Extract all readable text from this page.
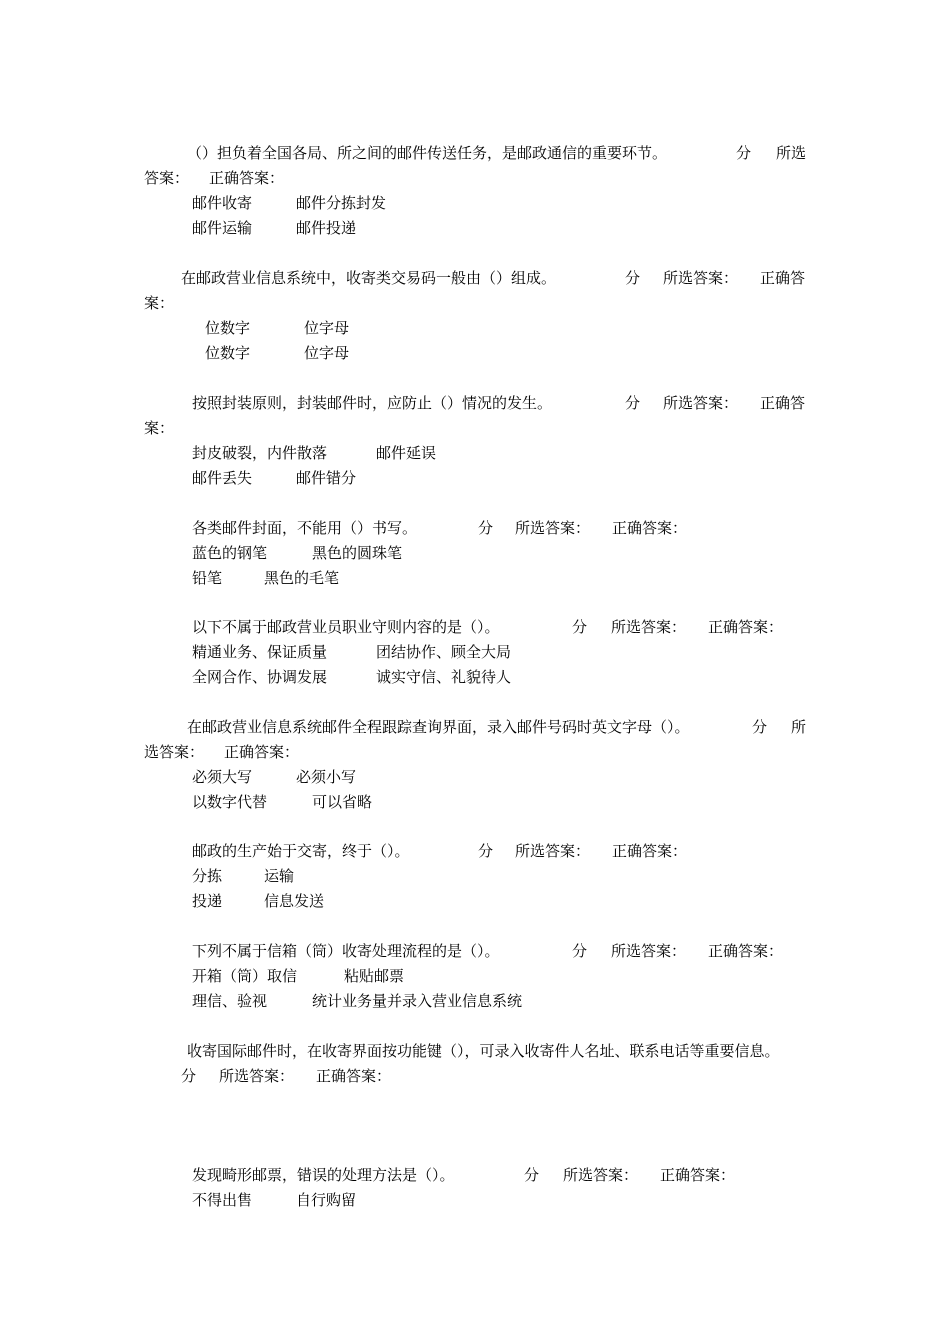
（）担负着全国各局、所之间的邮件传送任务，是邮政通信的重要环节。	分 所选
答案： 正确答案：
邮件收寄	邮件分拣封发
邮件运输	邮件投递
在邮政营业信息系统中，收寄类交易码一般由（）组成。	分 所选答案： 正确答
案：
位数字	位字母
位数字	位字母
按照封装原则，封装邮件时，应防止（）情况的发生。	分 所选答案： 正确答
案：
封皮破裂，内件散落	邮件延误
邮件丢失	邮件错分
各类邮件封面，不能用（）书写。	分 所选答案： 正确答案：
蓝色的钢笔	黑色的圆珠笔
铅笔	黑色的毛笔
以下不属于邮政营业员职业守则内容的是（）。	分 所选答案： 正确答案：
精通业务、保证质量	团结协作、顾全大局
全网合作、协调发展	诚实守信、礼貌待人
在邮政营业信息系统邮件全程跟踪查询界面，录入邮件号码时英文字母（）。	分 所
选答案： 正确答案：
必须大写	必须小写
以数字代替	可以省略
邮政的生产始于交寄，终于（）。	分 所选答案： 正确答案：
分拣	运输
投递	信息发送
下列不属于信箱（筒）收寄处理流程的是（）。	分 所选答案： 正确答案：
开箱（筒）取信	粘贴邮票
理信、验视	统计业务量并录入营业信息系统
收寄国际邮件时，在收寄界面按功能键（），可录入收寄件人名址、联系电话等重要信息。
分 所选答案： 正确答案：
发现畸形邮票，错误的处理方法是（）。	分 所选答案： 正确答案：
不得出售	自行购留
